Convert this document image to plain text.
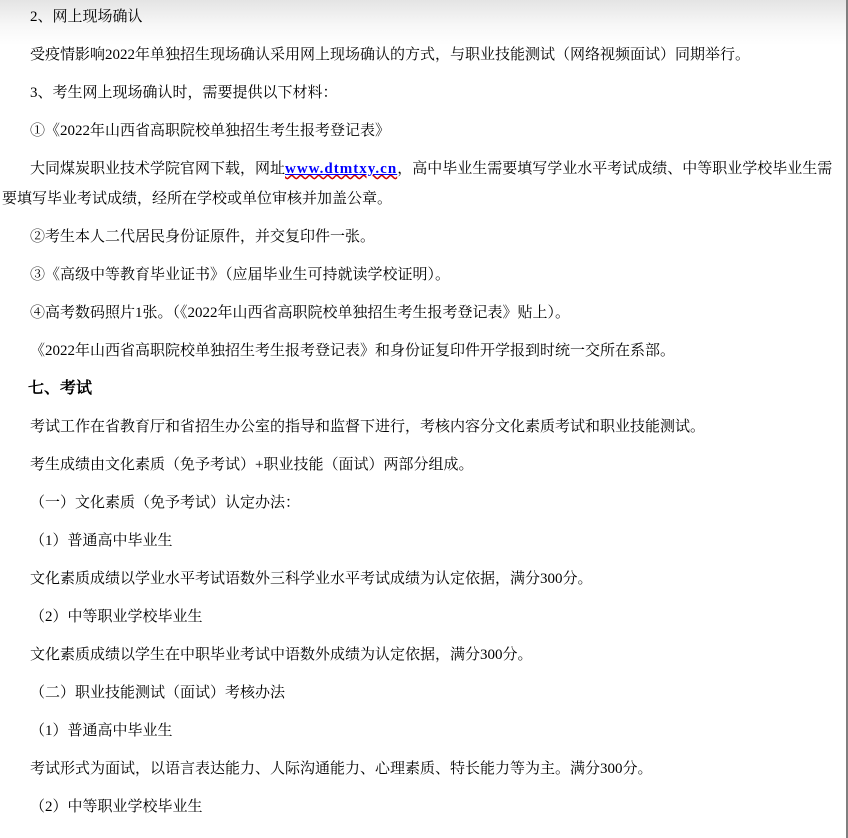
2、网上现场确认

受疫情影响2022年单独招生现场确认采用网上现场确认的方式，与职业技能测试（网络视频面试）同期举行。

3、考生网上现场确认时，需要提供以下材料：

①《2022年山西省高职院校单独招生考生报考登记表》

大同煤炭职业技术学院官网下载，网址www.dtmtxy.cn，高中毕业生需要填写学业水平考试成绩、中等职业学校毕业生需要填写毕业考试成绩，经所在学校或单位审核并加盖公章。

②考生本人二代居民身份证原件，并交复印件一张。

③《高级中等教育毕业证书》（应届毕业生可持就读学校证明）。

④高考数码照片1张。（《2022年山西省高职院校单独招生考生报考登记表》贴上）。

《2022年山西省高职院校单独招生考生报考登记表》和身份证复印件开学报到时统一交所在系部。

七、考试

考试工作在省教育厅和省招生办公室的指导和监督下进行，考核内容分文化素质考试和职业技能测试。

考生成绩由文化素质（免予考试）+职业技能（面试）两部分组成。

（一）文化素质（免予考试）认定办法：

（1）普通高中毕业生

文化素质成绩以学业水平考试语数外三科学业水平考试成绩为认定依据，满分300分。

（2）中等职业学校毕业生

文化素质成绩以学生在中职毕业考试中语数外成绩为认定依据，满分300分。

（二）职业技能测试（面试）考核办法

（1）普通高中毕业生

考试形式为面试，以语言表达能力、人际沟通能力、心理素质、特长能力等为主。满分300分。

（2）中等职业学校毕业生
